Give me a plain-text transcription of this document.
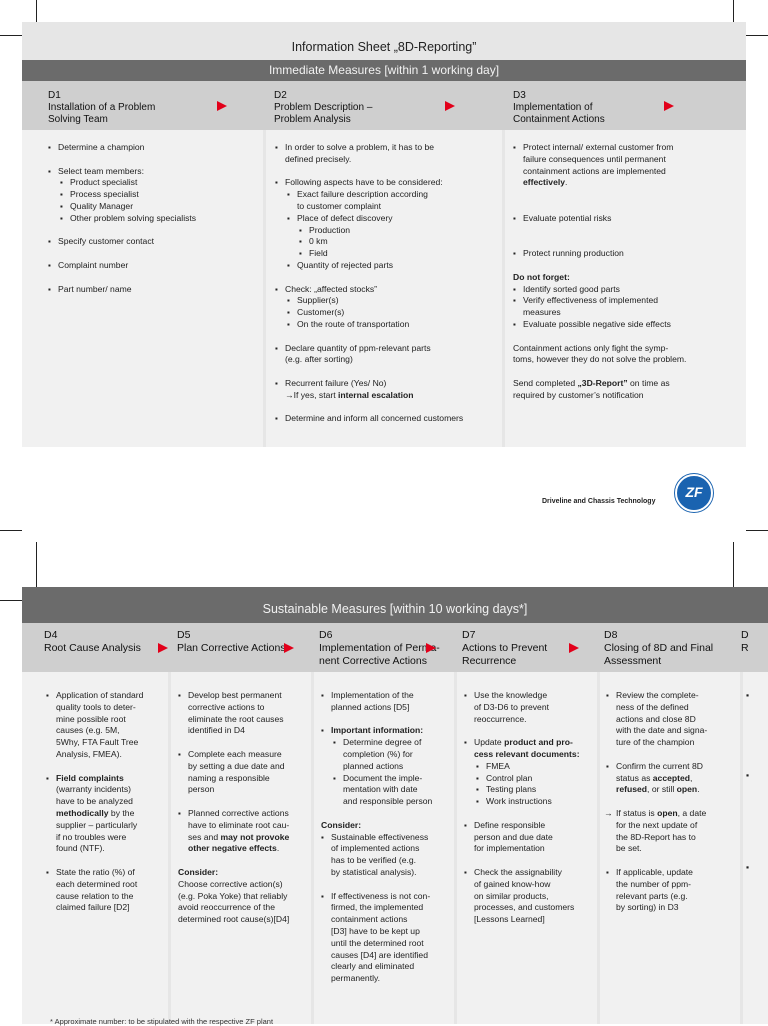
Information Sheet „8D-Reporting”
Immediate Measures [within 1 working day]
D1
Installation of a Problem
Solving Team
D2
Problem Description –
Problem Analysis
D3
Implementation of
Containment Actions

▪ Determine a champion

▪ Select team members:

▪ Product specialist

▪ Process specialist

▪ Quality Manager

▪ Other problem solving specialists

▪ Specify customer contact

▪ Complaint number

▪ Part number/ name

▪ In order to solve a problem, it has to be

defined precisely.

▪ Following aspects have to be considered:

▪ Exact failure description according

to customer complaint

▪ Place of defect discovery

▪ Production

▪ 0 km

▪ Field

▪ Quantity of rejected parts

▪ Check: „affected stocks”

▪ Supplier(s)

▪ Customer(s)

▪ On the route of transportation

▪ Declare quantity of ppm-relevant parts

(e.g. after sorting)

▪ Recurrent failure (Yes/ No)

→If yes, start internal escalation

▪ Determine and inform all concerned customers

▪ Protect internal/ external customer from

failure consequences until permanent

containment actions are implemented

effectively.

▪ Evaluate potential risks

▪ Protect running production

Do not forget:

▪ Identify sorted good parts

▪ Verify effectiveness of implemented

measures

▪ Evaluate possible negative side effects

Containment actions only fight the symp-

toms, however they do not solve the problem.

Send completed „3D-Report” on time as

required by customer’s notification

Driveline and Chassis Technology
ZF
Sustainable Measures [within 10 working days*]
D4
Root Cause Analysis

D5
Plan Corrective Actions

D6
Implementation of Perma-
nent Corrective Actions
D7
Actions to Prevent
Recurrence
D8
Closing of 8D and Final
Assessment
D
R

▪ Application of standard

quality tools to deter-

mine possible root

causes (e.g. 5M,

5Why, FTA Fault Tree

Analysis, FMEA).

▪ Field complaints

(warranty incidents)

have to be analyzed

methodically by the

supplier – particularly

if no troubles were

found (NTF).

▪ State the ratio (%) of

each determined root

cause relation to the

claimed failure [D2]

▪ Develop best permanent

corrective actions to

eliminate the root causes

identified in D4

▪ Complete each measure

by setting a due date and

naming a responsible

person

▪ Planned corrective actions

have to eliminate root cau-

ses and may not provoke

other negative effects.

Consider:

Choose corrective action(s)

(e.g. Poka Yoke) that reliably

avoid reoccurrence of the

determined root cause(s)[D4]

▪ Implementation of the

planned actions [D5]

▪ Important information:

▪ Determine degree of

completion (%) for

planned actions

▪ Document the imple-

mentation with date

and responsible person

Consider:

▪ Sustainable effectiveness

of implemented actions

has to be verified (e.g.

by statistical analysis).

▪ If effectiveness is not con-

firmed, the implemented

containment actions

[D3] have to be kept up

until the determined root

causes [D4] are identified

clearly and eliminated

permanently.

▪ Use the knowledge

of D3-D6 to prevent

reoccurrence.

▪ Update product and pro-

cess relevant documents:

▪ FMEA

▪ Control plan

▪ Testing plans

▪ Work instructions

▪ Define responsible

person and due date

for implementation

▪ Check the assignability

of gained know-how

on similar products,

processes, and customers

[Lessons Learned]

▪ Review the complete-

ness of the defined

actions and close 8D

with the date and signa-

ture of the champion

▪ Confirm the current 8D

status as accepted,

refused, or still open.

→ If status is open, a date

for the next update of

the 8D-Report has to

be set.

▪ If applicable, update

the number of ppm-

relevant parts (e.g.

by sorting) in D3

▪
▪
▪
* Approximate number: to be stipulated with the respective ZF plant
